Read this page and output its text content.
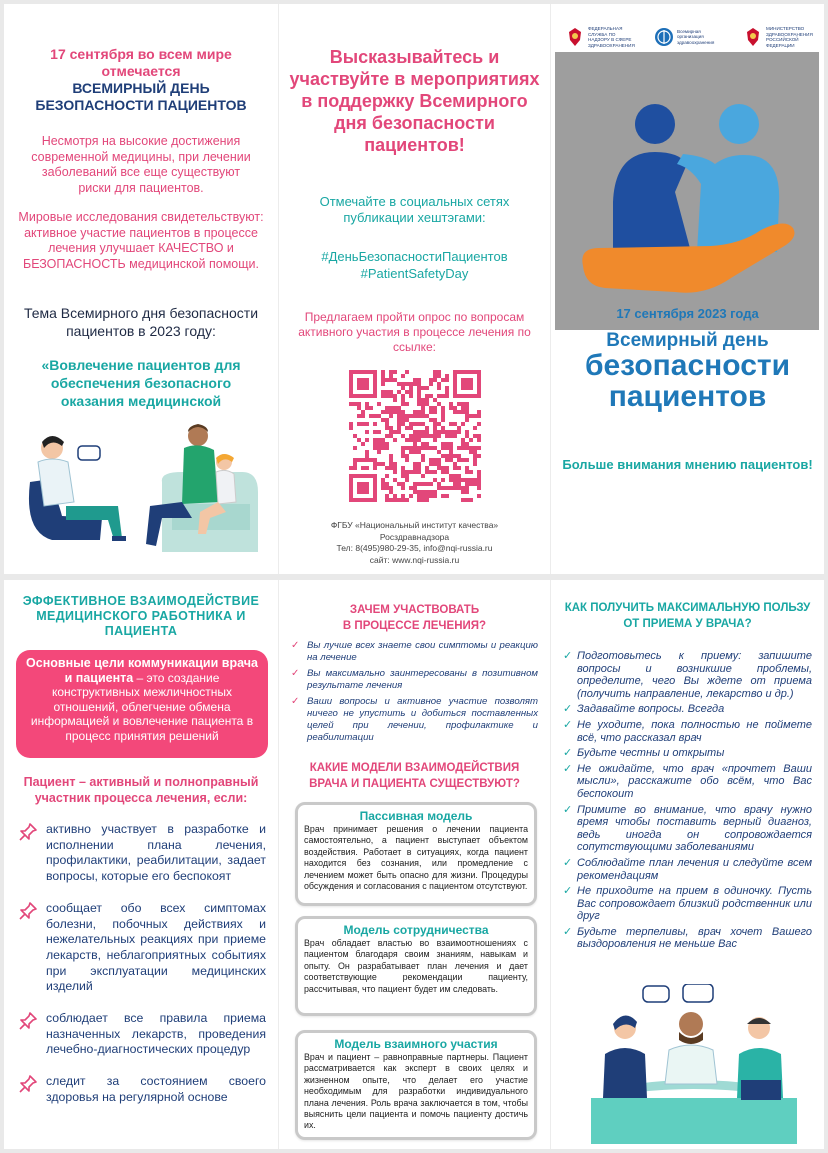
17 сентября во всем мире
отмечается
ВСЕМИРНЫЙ ДЕНЬ
БЕЗОПАСНОСТИ ПАЦИЕНТОВ

Несмотря на высокие достижения современной медицины, при лечении заболеваний все еще существуют риски для пациентов.

Мировые исследования свидетельствуют: активное участие пациентов в процессе лечения улучшает КАЧЕСТВО и БЕЗОПАСНОСТЬ медицинской помощи.

Тема Всемирного дня безопасности пациентов в 2023 году:

«Вовлечение пациентов для обеспечения безопасного оказания медицинской

Высказывайтесь и участвуйте в мероприятиях в поддержку Всемирного дня безопасности пациентов!

Отмечайте в социальных сетях публикации хештэгами:

#ДеньБезопасностиПациентов
#PatientSafetyDay

Предлагаем пройти опрос по вопросам активного участия в процессе лечения по ссылке:

ФГБУ «Национальный институт качества»
Росздравнадзора
Тел: 8(495)980-29-35, info@nqi-russia.ru
сайт: www.nqi-russia.ru
ФЕДЕРАЛЬНАЯ СЛУЖБА ПО НАДЗОРУ В СФЕРЕ ЗДРАВООХРАНЕНИЯ
Всемирная организация здравоохранения
МИНИСТЕРСТВО ЗДРАВООХРАНЕНИЯ РОССИЙСКОЙ ФЕДЕРАЦИИ
17 сентября 2023 года
Всемирный день
безопасности
пациентов

Больше внимания мнению пациентов!

ЭФФЕКТИВНОЕ ВЗАИМОДЕЙСТВИЕ МЕДИЦИНСКОГО РАБОТНИКА И ПАЦИЕНТА
Основные цели коммуникации врача и пациента – это создание конструктивных межличностных отношений, облегчение обмена информацией и вовлечение пациента в процесс принятия решений

Пациент – активный и полноправный участник процесса лечения, если:

активно участвует в разработке и исполнении плана лечения, профилактики, реабилитации, задает вопросы, которые его беспокоят
сообщает обо всех симптомах болезни, побочных действиях и нежелательных реакциях при приеме лекарств, неблагоприятных событиях при эксплуатации медицинских изделий
соблюдает все правила приема назначенных лекарств, проведения лечебно-диагностических процедур
следит за состоянием своего здоровья на регулярной основе
ЗАЧЕМ УЧАСТВОВАТЬ
В ПРОЦЕССЕ ЛЕЧЕНИЯ?
✓ Вы лучше всех знаете свои симптомы и реакцию на лечение
✓ Вы максимально заинтересованы в позитивном результате лечения
✓ Ваши вопросы и активное участие позволят ничего не упустить и добиться поставленных целей при лечении, профилактике и реабилитации
КАКИЕ МОДЕЛИ ВЗАИМОДЕЙСТВИЯ
ВРАЧА И ПАЦИЕНТА СУЩЕСТВУЮТ?
Пассивная модель

Врач принимает решения о лечении пациента самостоятельно, а пациент выступает объектом воздействия. Работает в ситуациях, когда пациент находится без сознания, или промедление с лечением может быть опасно для жизни. Процедуры обсуждения и согласования с пациентом отсутствуют.

Модель сотрудничества

Врач обладает властью во взаимоотношениях с пациентом благодаря своим знаниям, навыкам и опыту. Он разрабатывает план лечения и дает соответствующие рекомендации пациенту, рассчитывая, что пациент будет им следовать.

Модель взаимного участия

Врач и пациент – равноправные партнеры. Пациент рассматривается как эксперт в своих целях и жизненном опыте, что делает его участие необходимым для разработки индивидуального плана лечения. Роль врача заключается в том, чтобы выяснить цели пациента и помочь пациенту достичь их.

КАК ПОЛУЧИТЬ МАКСИМАЛЬНУЮ ПОЛЬЗУ
ОТ ПРИЕМА У ВРАЧА?
✓ Подготовьтесь к приему: запишите вопросы и возникшие проблемы, определите, чего Вы ждете от приема (получить направление, лекарство и др.)
✓ Задавайте вопросы. Всегда
✓ Не уходите, пока полностью не поймете всё, что рассказал врач
✓ Будьте честны и открыты
✓ Не ожидайте, что врач «прочтет Ваши мысли», расскажите обо всём, что Вас беспокоит
✓ Примите во внимание, что врачу нужно время чтобы поставить верный диагноз, ведь иногда он сопровождается сопутствующими заболеваниями
✓ Соблюдайте план лечения и следуйте всем рекомендациям
✓ Не приходите на прием в одиночку. Пусть Вас сопровождает близкий родственник или друг
✓ Будьте терпеливы, врач хочет Вашего выздоровления не меньше Вас
